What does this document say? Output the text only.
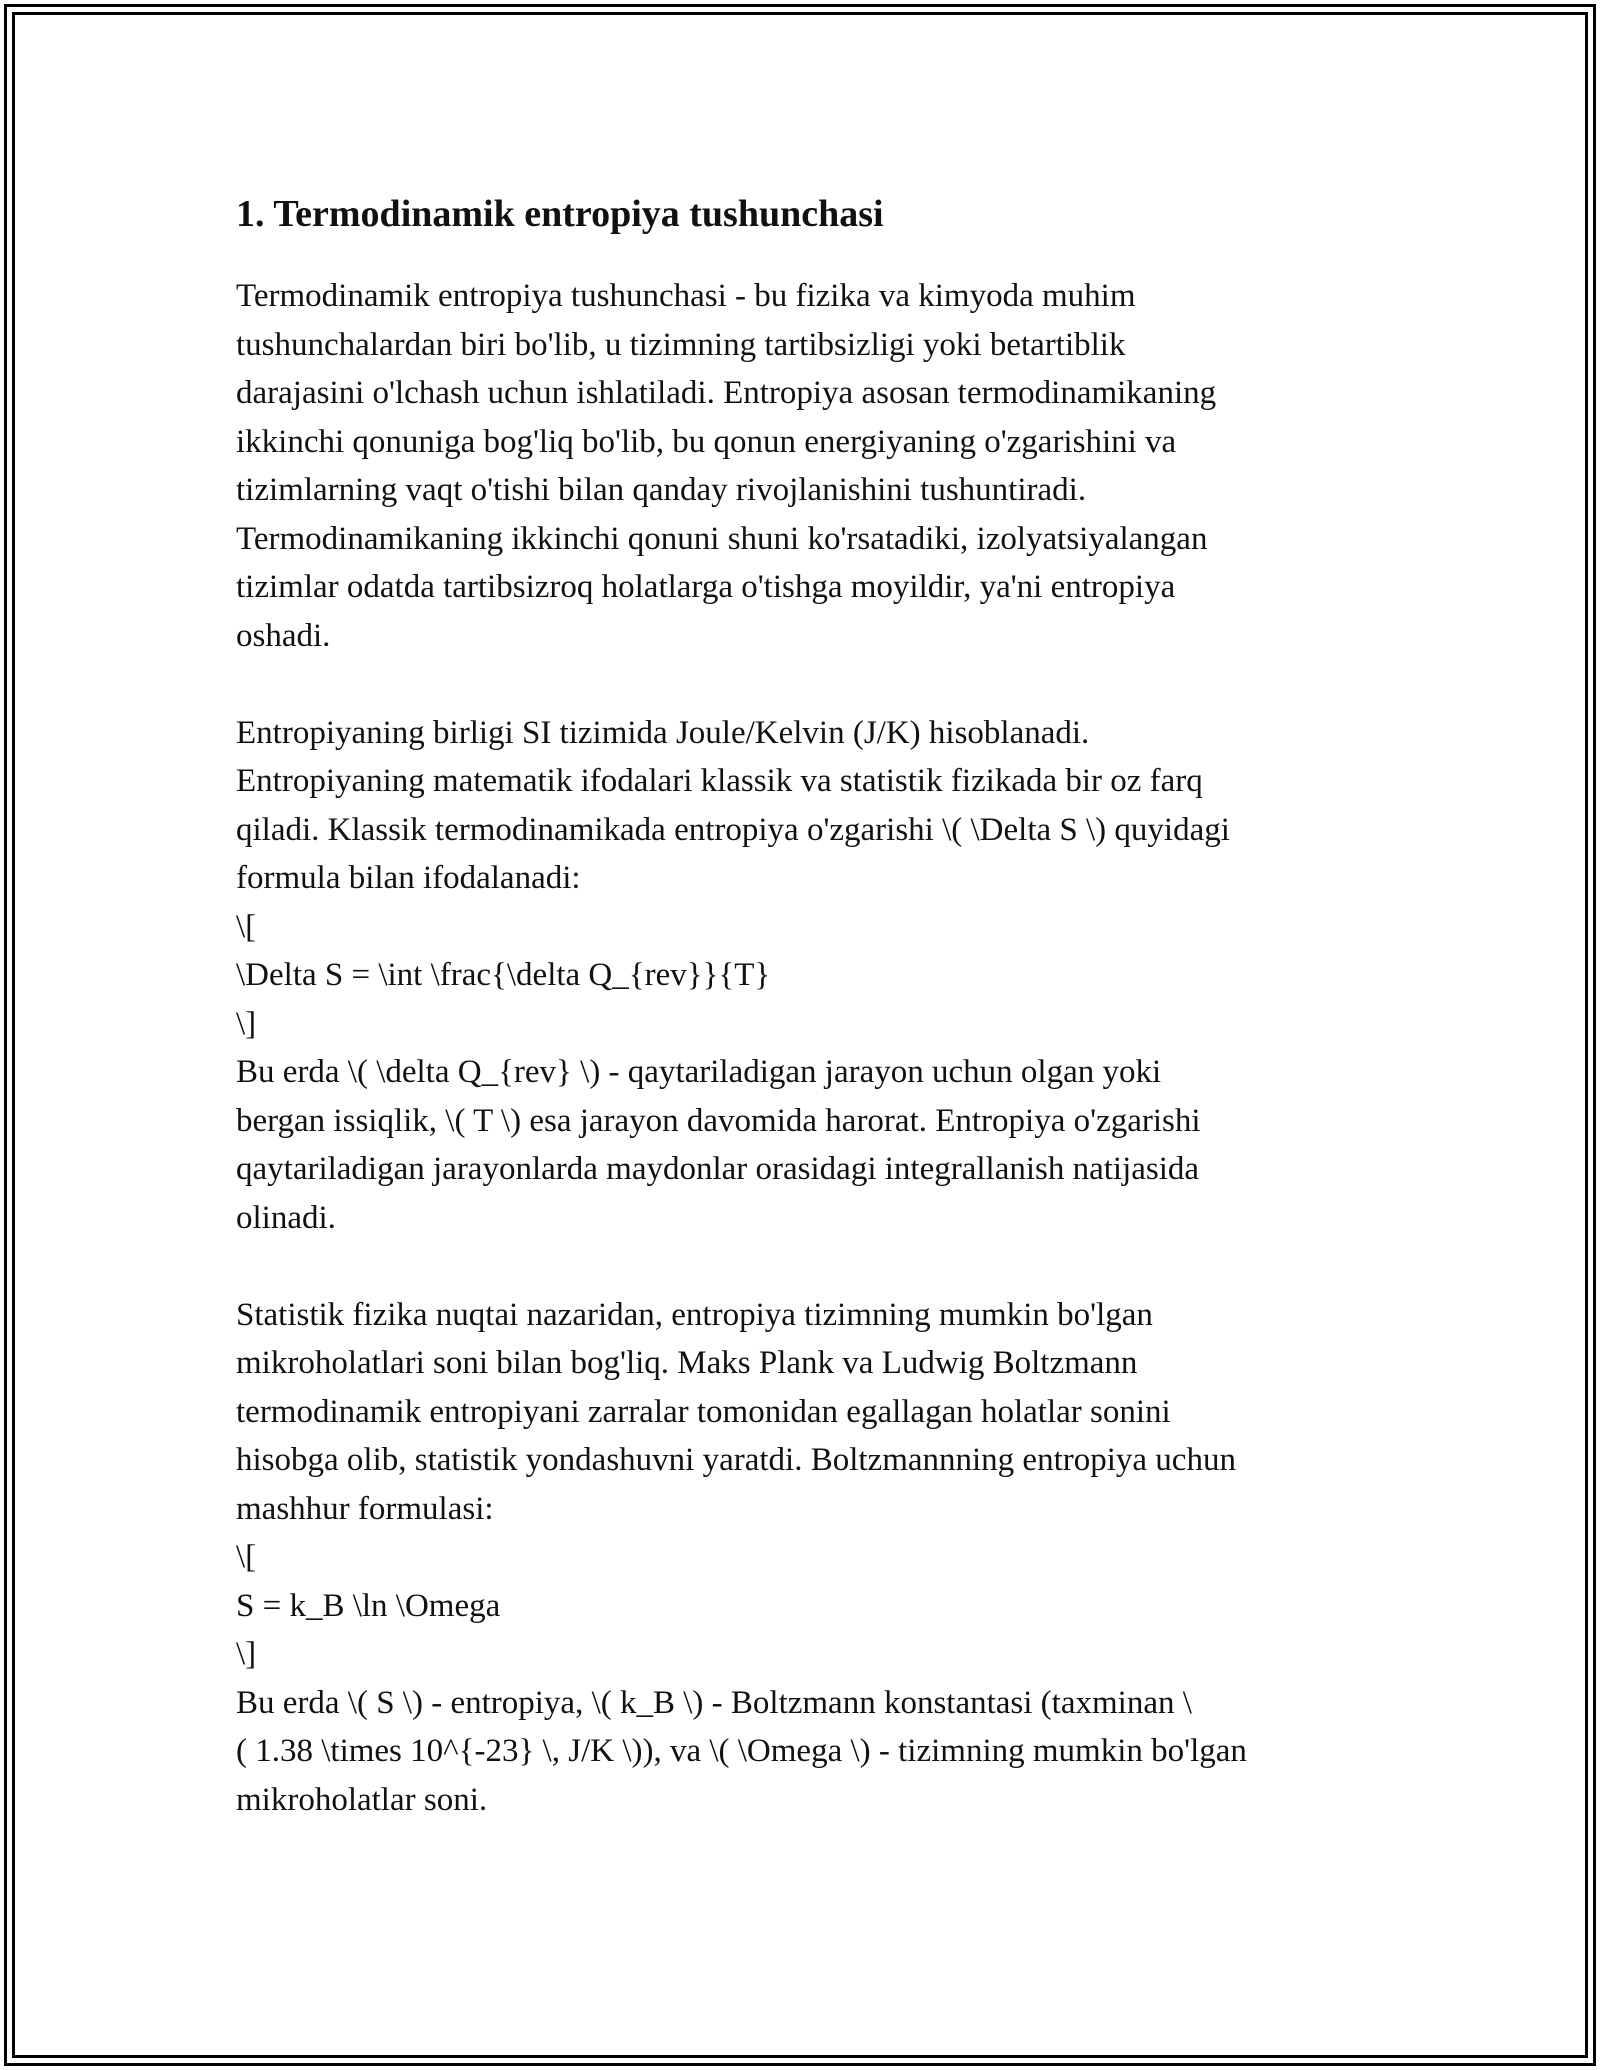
1. Termodinamik entropiya tushunchasi
Termodinamik entropiya tushunchasi - bu fizika va kimyoda muhim
tushunchalardan biri bo'lib, u tizimning tartibsizligi yoki betartiblik
darajasini o'lchash uchun ishlatiladi. Entropiya asosan termodinamikaning
ikkinchi qonuniga bog'liq bo'lib, bu qonun energiyaning o'zgarishini va
tizimlarning vaqt o'tishi bilan qanday rivojlanishini tushuntiradi.
Termodinamikaning ikkinchi qonuni shuni ko'rsatadiki, izolyatsiyalangan
tizimlar odatda tartibsizroq holatlarga o'tishga moyildir, ya'ni entropiya
oshadi.
Entropiyaning birligi SI tizimida Joule/Kelvin (J/K) hisoblanadi.
Entropiyaning matematik ifodalari klassik va statistik fizikada bir oz farq
qiladi. Klassik termodinamikada entropiya o'zgarishi \( \Delta S \) quyidagi
formula bilan ifodalanadi:
\[
\Delta S = \int \frac{\delta Q_{rev}}{T}
\]
Bu erda \( \delta Q_{rev} \) - qaytariladigan jarayon uchun olgan yoki
bergan issiqlik, \( T \) esa jarayon davomida harorat. Entropiya o'zgarishi
qaytariladigan jarayonlarda maydonlar orasidagi integrallanish natijasida
olinadi.
Statistik fizika nuqtai nazaridan, entropiya tizimning mumkin bo'lgan
mikroholatlari soni bilan bog'liq. Maks Plank va Ludwig Boltzmann
termodinamik entropiyani zarralar tomonidan egallagan holatlar sonini
hisobga olib, statistik yondashuvni yaratdi. Boltzmannning entropiya uchun
mashhur formulasi:
\[
S = k_B \ln \Omega
\]
Bu erda \( S \) - entropiya, \( k_B \) - Boltzmann konstantasi (taxminan \
( 1.38 \times 10^{-23} \, J/K \)), va \( \Omega \) - tizimning mumkin bo'lgan
mikroholatlar soni.
